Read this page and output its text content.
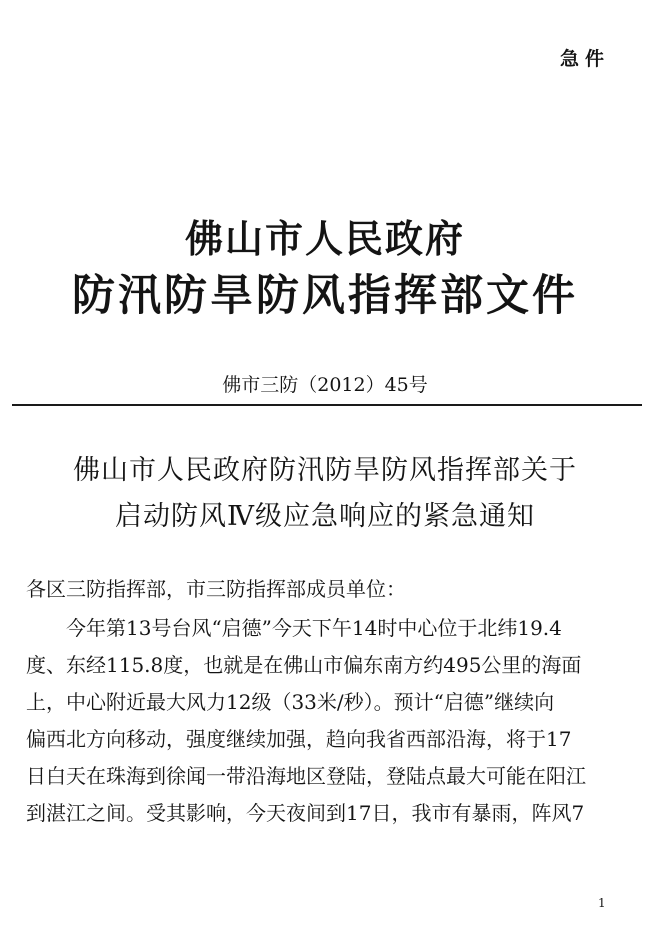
急件
佛山市人民政府
防汛防旱防风指挥部文件
佛市三防（2012）45号
佛山市人民政府防汛防旱防风指挥部关于
启动防风Ⅳ级应急响应的紧急通知
各区三防指挥部，市三防指挥部成员单位：
　　今年第13号台风“启德”今天下午14时中心位于北纬19.4
度、东经115.8度，也就是在佛山市偏东南方约495公里的海面
上，中心附近最大风力12级（33米/秒）。预计“启德”继续向
偏西北方向移动，强度继续加强，趋向我省西部沿海，将于17
日白天在珠海到徐闻一带沿海地区登陆，登陆点最大可能在阳江
到湛江之间。受其影响，今天夜间到17日，我市有暴雨，阵风7
1
